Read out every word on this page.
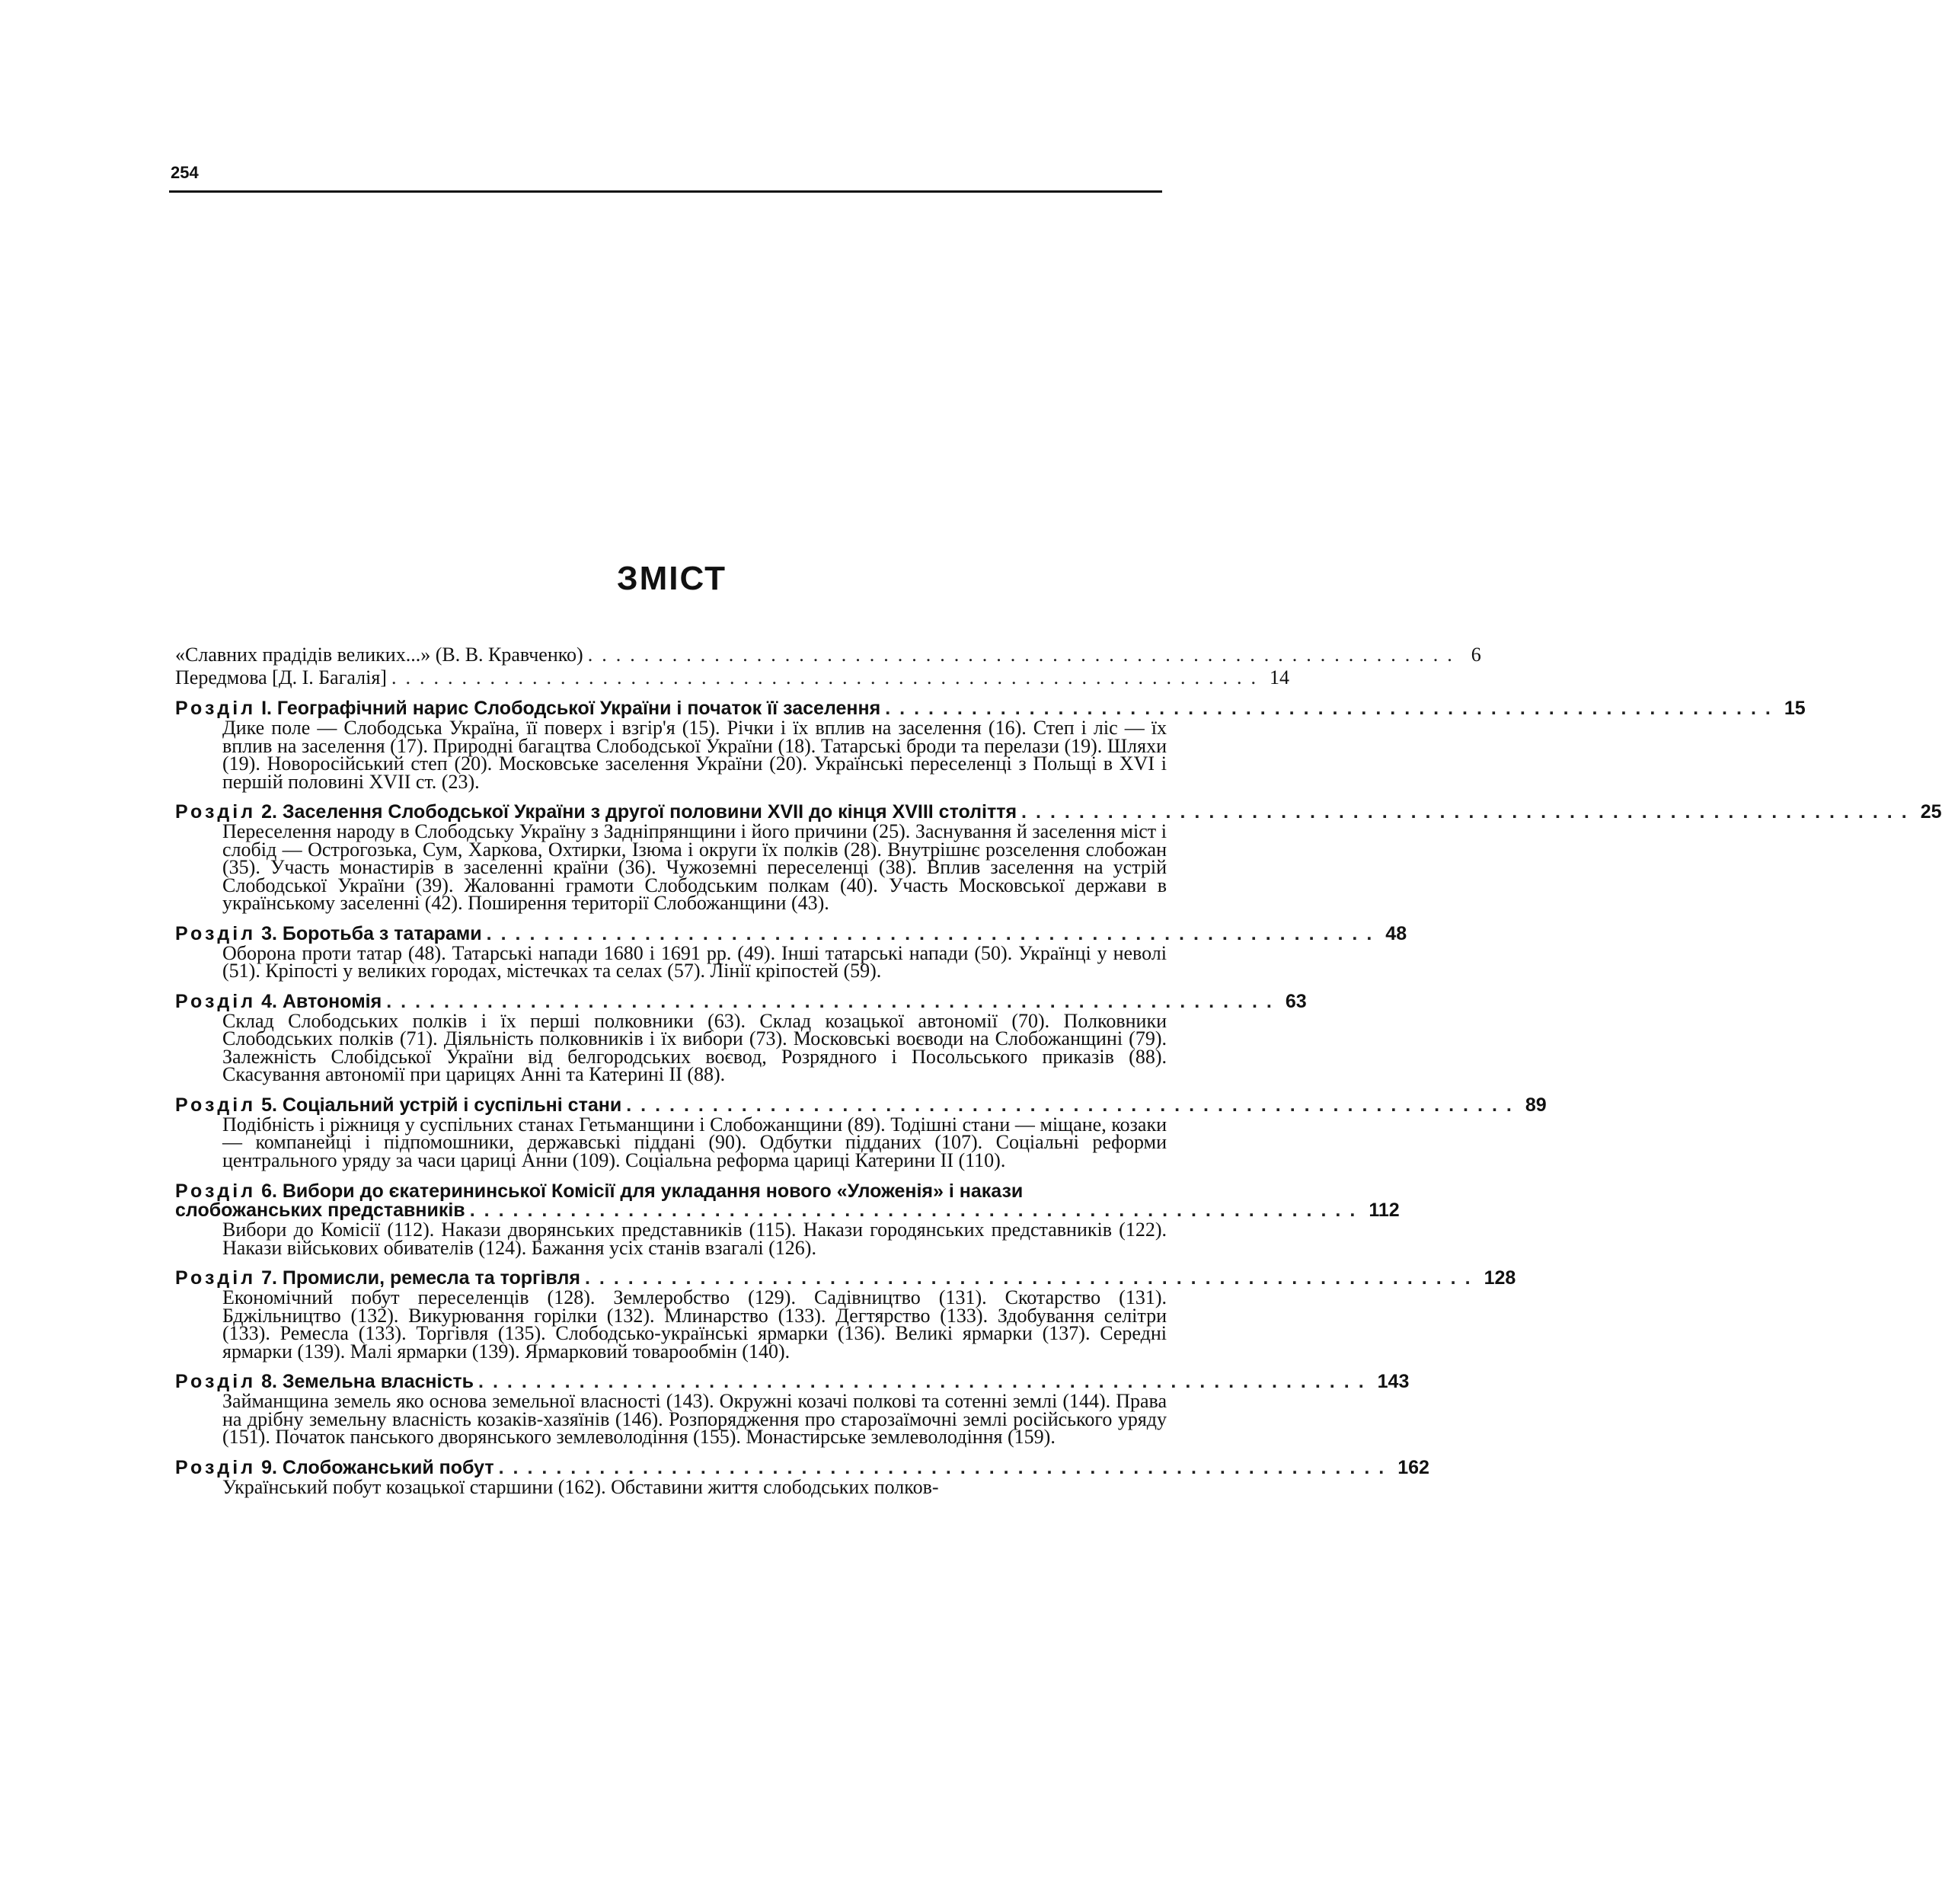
254
ЗМІСТ
«Славних прадідів великих...» (В. В. Кравченко) .............................................................. 6
Передмова [Д. І. Багалія] .............................................................. 14
Розділ І. Географічний нарис Слободської України і початок її заселення .............................................................. 15
Дике поле — Слободська Україна, її поверх і взгір'я (15). Річки і їх вплив на заселення (16). Степ і ліс — їх вплив на заселення (17). Природні багацтва Слободської України (18). Татарські броди та перелази (19). Шляхи (19). Новоросійський степ (20). Московське заселення України (20). Українські переселенці з Польщі в XVI і першій половині XVII ст. (23).
Розділ 2. Заселення Слободської України з другої половини XVII до кінця XVIII століття .............................................................. 25
Переселення народу в Слободську Україну з Задніпрянщини і його причини (25). Заснування й заселення міст і слобід — Острогозька, Сум, Харкова, Охтирки, Ізюма і округи їх полків (28). Внутрішнє розселення слобожан (35). Участь монастирів в заселенні країни (36). Чужоземні переселенці (38). Вплив заселення на устрій Слободської України (39). Жалованні грамоти Слободським полкам (40). Участь Московської держави в українському заселенні (42). Поширення території Слобожанщини (43).
Розділ 3. Боротьба з татарами .............................................................. 48
Оборона проти татар (48). Татарські напади 1680 і 1691 рр. (49). Інші татарські напади (50). Українці у неволі (51). Кріпості у великих городах, містечках та селах (57). Лінії кріпостей (59).
Розділ 4. Автономія .............................................................. 63
Склад Слободських полків і їх перші полковники (63). Склад козацької автономії (70). Полковники Слободських полків (71). Діяльність полковників і їх вибори (73). Московські воєводи на Слобожанщині (79). Залежність Слобідської України від белгородських воєвод, Розрядного і Посольського приказів (88). Скасування автономії при царицях Анні та Катерині II (88).
Розділ 5. Соціальний устрій і суспільні стани .............................................................. 89
Подібність і ріжниця у суспільних станах Гетьманщини і Слобожанщини (89). Тодішні стани — міщане, козаки — компанейці і підпомошники, державські піддані (90). Одбутки підданих (107). Соціальні реформи центрального уряду за часи цариці Анни (109). Соціальна реформа цариці Катерини II (110).
Розділ 6. Вибори до єкатерининської Комісії для укладання нового «Уложенія» і накази
слобожанських представників .............................................................. 112
Вибори до Комісії (112). Накази дворянських представників (115). Накази городянських представників (122). Накази військових обивателів (124). Бажання усіх станів взагалі (126).
Розділ 7. Промисли, ремесла та торгівля .............................................................. 128
Економічний побут переселенців (128). Землеробство (129). Садівництво (131). Скотарство (131). Бджільництво (132). Викурювання горілки (132). Млинарство (133). Дегтярство (133). Здобування селітри (133). Ремесла (133). Торгівля (135). Слободсько-українські ярмарки (136). Великі ярмарки (137). Середні ярмарки (139). Малі ярмарки (139). Ярмарковий товарообмін (140).
Розділ 8. Земельна власність .............................................................. 143
Займанщина земель яко основа земельної власності (143). Окружні козачі полкові та сотенні землі (144). Права на дрібну земельну власність козаків-хазяїнів (146). Розпорядження про старозаїмочні землі російського уряду (151). Початок панського дворянського землеволодіння (155). Монастирське землеволодіння (159).
Розділ 9. Слобожанський побут .............................................................. 162
Український побут козацької старшини (162). Обставини життя слободських полков-
